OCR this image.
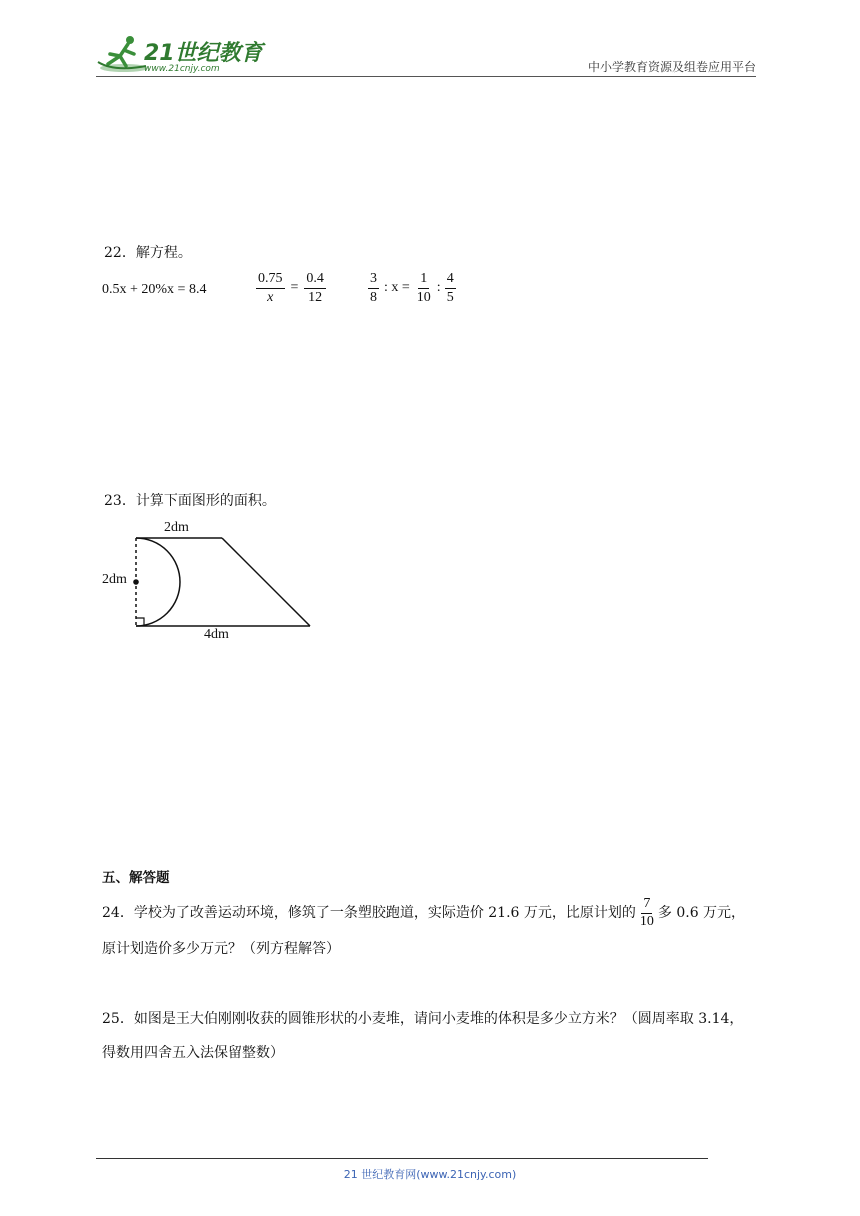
21世纪教育
www.21cnjy.com	中小学教育资源及组卷应用平台
22．解方程。
0.5x + 20%x = 8.4	$\frac{0.75}{x} = \frac{0.4}{12}$	$\frac{3}{8}$ : $x = \frac{1}{10}$ : $\frac{4}{5}$
23．计算下面图形的面积。
2dm
2dm
4dm
五、解答题
24．学校为了改善运动环境，修筑了一条塑胶跑道，实际造价 21.6 万元，比原计划的 $\frac{7}{10}$ 多 0.6 万元，
原计划造价多少万元？（列方程解答）
25．如图是王大伯刚刚收获的圆锥形状的小麦堆，请问小麦堆的体积是多少立方米？（圆周率取 3.14，
得数用四舍五入法保留整数）
21 世纪教育网(www.21cnjy.com)
